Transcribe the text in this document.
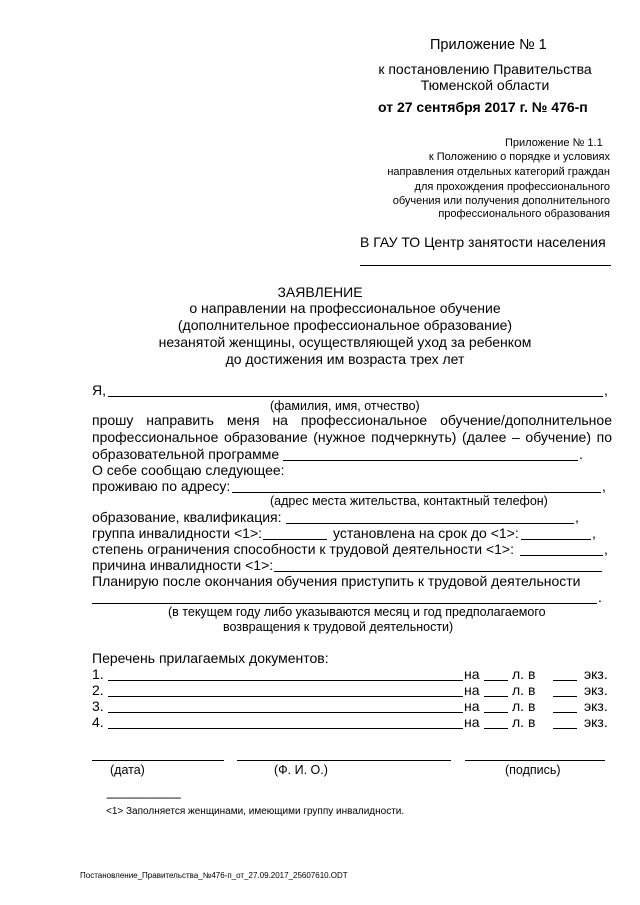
Приложение № 1
к постановлению Правительства
Тюменской области
от 27 сентября 2017 г. № 476-п
Приложение № 1.1
к Положению о порядке и условиях
направления отдельных категорий граждан
для прохождения профессионального
обучения или получения дополнительного
профессионального образования
В ГАУ ТО Центр занятости населения
ЗАЯВЛЕНИЕ
о направлении на профессиональное обучение
(дополнительное профессиональное образование)
незанятой женщины, осуществляющей уход за ребенком
до достижения им возраста трех лет
Я,	,
(фамилия, имя, отчество)
прошу направить меня на профессиональное обучение/дополнительное
профессиональное образование (нужное подчеркнуть) (далее – обучение) по
образовательной программе	.
О себе сообщаю следующее:
проживаю по адресу:	,
(адрес места жительства, контактный телефон)
образование, квалификация:	,
группа инвалидности <1>:	установлена на срок до <1>:	,
степень ограничения способности к трудовой деятельности <1>:	,
причина инвалидности <1>:
Планирую после окончания обучения приступить к трудовой деятельности
.
(в текущем году либо указываются месяц и год предполагаемого
возвращения к трудовой деятельности)
Перечень прилагаемых документов:
1.	на л. в	экз.
2.	на л. в	экз.
3.	на л. в	экз.
4.	на л. в	экз.
(дата)	(Ф. И. О.)	(подпись)
--------------------------------
<1> Заполняется женщинами, имеющими группу инвалидности.
Постановление_Правительства_№476-п_от_27.09.2017_25607610.ODT
